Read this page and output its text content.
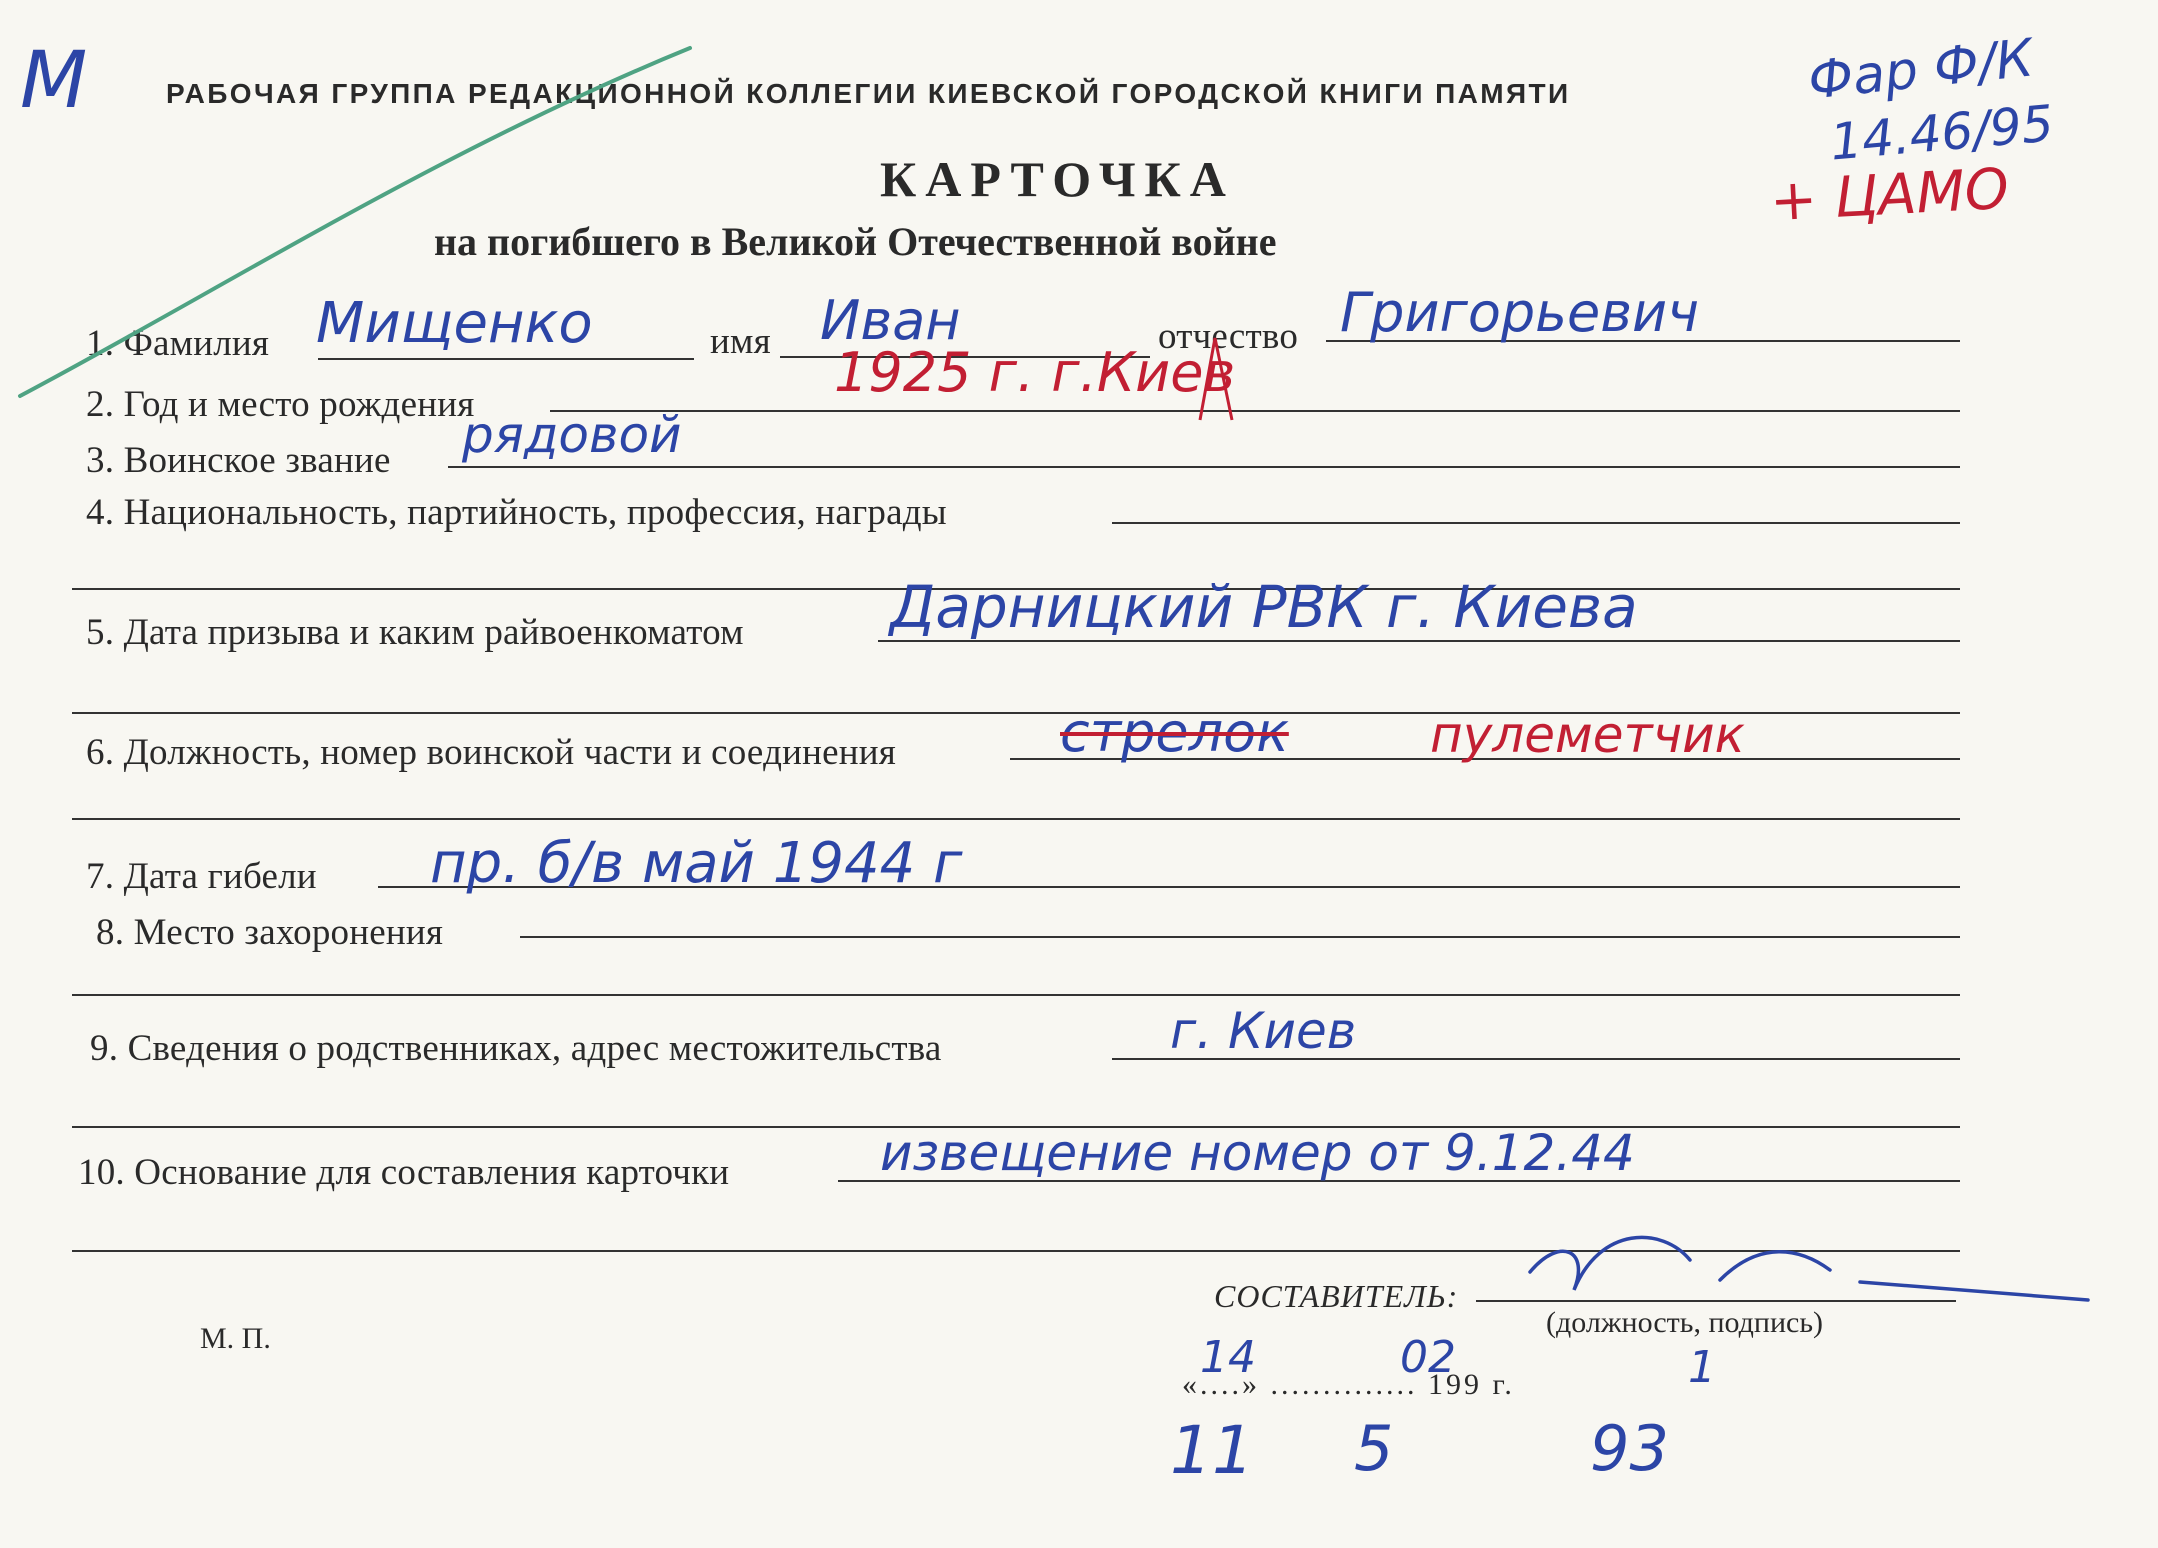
М	Фар Ф/К
14.46/95
+ ЦАМО
РАБОЧАЯ ГРУППА РЕДАКЦИОННОЙ КОЛЛЕГИИ КИЕВСКОЙ ГОРОДСКОЙ КНИГИ ПАМЯТИ
КАРТОЧКА
на погибшего в Великой Отечественной войне
1. Фамилия Мищенко	имя Иван	отчество Григорьевич
2. Год и место рождения
1925 г. г.Киев
3. Воинское звание рядовой
4. Национальность, партийность, профессия, награды
5. Дата призыва и каким райвоенкоматом	Дарницкий РВК г. Киева
6. Должность, номер воинской части и соединения	стрелок	пулеметчик
7. Дата гибели пр. б/в май 1944 г
8. Место захоронения
9. Сведения о родственниках, адрес местожительства	г. Киев
10. Основание для составления карточки	извещение номер от 9.12.44
М. П.
СОСТАВИТЕЛЬ:
(должность, подпись)
«....» .............. 199 г.
14	02	1
11 5	93
